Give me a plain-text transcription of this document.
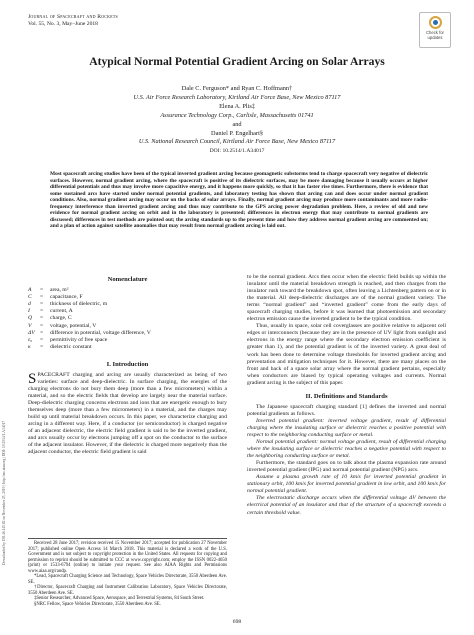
Downloaded by 158.46.145.82 on November 25, 2019 | http://arc.aiaa.org | DOI: 10.2514/1.A34017
Journal of Spacecraft and Rockets
Vol. 55, No. 3, May–June 2018
Check for
updates
Atypical Normal Potential Gradient Arcing on Solar Arrays
Dale C. Ferguson* and Ryan C. Hoffmann†
U.S. Air Force Research Laboratory, Kirtland Air Force Base, New Mexico 87117
Elena A. Plis‡
Assurance Technology Corp., Carlisle, Massachusetts 01741
and
Daniel P. Engelhart§
U.S. National Research Council, Kirtland Air Force Base, New Mexico 87117
DOI: 10.2514/1.A34017
Most spacecraft arcing studies have been of the typical inverted gradient arcing because geomagnetic substorms tend to charge spacecraft very negative of dielectric surfaces. However, normal gradient arcing, where the spacecraft is positive of its dielectric surfaces, may be more damaging because it usually occurs at higher differential potentials and thus may involve more capacitive energy, and it happens more quickly, so that it has faster rise times. Furthermore, there is evidence that some sustained arcs have started under normal potential gradients, and laboratory testing has shown that arcing can and does occur under normal gradient conditions. Also, normal gradient arcing may occur on the backs of solar arrays. Finally, normal gradient arcing may produce more contaminants and more radio-frequency interference than inverted gradient arcing and thus may contribute to the GPS arcing power degradation problem. Here, a review of old and new evidence for normal gradient arcing on orbit and in the laboratory is presented; differences in electron energy that may contribute to normal gradients are discussed; differences in test methods are pointed out; the arcing standards up to the present time and how they address normal gradient arcing are commented on; and a plan of action against satellite anomalies that may result from normal gradient arcing is laid out.
Nomenclature
A	=	area, m²
C	=	capacitance, F
d	=	thickness of dielectric, m
I	=	current, A
Q	=	charge, C
V	=	voltage, potential, V
ΔV =	difference in potential, voltage difference, V
ε₀	=	permittivity of free space
κ	=	dielectric constant
I. Introduction

SPACECRAFT charging and arcing are usually characterized as being of two varieties: surface and deep-dielectric. In surface charging, the energies of the charging electrons do not bury them deep (more than a few micrometers) within a material, and so the electric fields that develop are largely near the material surface. Deep-dielectric charging concerns electrons and ions that are energetic enough to bury themselves deep (more than a few micrometers) in a material, and the charges may build up until material breakdown occurs. In this paper, we characterize charging and arcing in a different way. Here, if a conductor (or semiconductor) is charged negative of an adjacent dielectric, the electric field gradient is said to be the inverted gradient, and arcs usually occur by electrons jumping off a spot on the conductor to the surface of the adjacent insulator. However, if the dielectric is charged more negatively than the adjacent conductor, the electric field gradient is said

to be the normal gradient. Arcs then occur when the electric field builds up within the insulator until the material breakdown strength is reached, and then charges from the insulator rush toward the breakdown spot, often leaving a Lichtenberg pattern on or in the material. All deep-dielectric discharges are of the normal gradient variety. The terms “normal gradient” and “inverted gradient” come from the early days of spacecraft charging studies, before it was learned that photoemission and secondary electron emission cause the inverted gradient to be the typical condition.

Thus, usually in space, solar cell coverglasses are positive relative to adjacent cell edges or interconnects (because they are in the presence of UV light from sunlight and electrons in the energy range where the secondary electron emission coefficient is greater than 1), and the potential gradient is of the inverted variety. A great deal of work has been done to determine voltage thresholds for inverted gradient arcing and preventation and mitigation techniques for it. However, there are many places on the front and back of a space solar array where the normal gradient pertains, especially when conductors are biased by typical operating voltages and currents. Normal gradient arcing is the subject of this paper.

II. Definitions and Standards

The Japanese spacecraft charging standard [1] defines the inverted and normal potential gradients as follows.

Inverted potential gradient: inverted voltage gradient, result of differential charging where the insulating surface or dielectric reaches a positive potential with respect to the neighboring conducting surface or metal.

Normal potential gradient: normal voltage gradient, result of differential charging where the insulating surface or dielectric reaches a negative potential with respect to the neighboring conducting surface or metal.

Furthermore, the standard goes on to talk about the plasma expansion rate around inverted potential gradient (IPG) and normal potential gradient (NPG) arcs.

Assume a plasma growth rate of 10 km/s for inverted potential gradient in stationary orbit, 100 km/s for inverted potential gradient in low orbit, and 100 km/s for normal potential gradient.

The electrostatic discharge occurs when the differential voltage ΔV between the electrical potential of an insulator and that of the structure of a spacecraft exceeds a certain threshold value.

Received 28 June 2017; revision received 15 November 2017; accepted for publication 27 November 2017; published online Open Access 14 March 2018. This material is declared a work of the U.S. Government and is not subject to copyright protection in the United States. All requests for copying and permission to reprint should be submitted to CCC at www.copyright.com; employ the ISSN 0022-4650 (print) or 1533-6794 (online) to initiate your request. See also AIAA Rights and Permissions www.aiaa.org/randp.

*Lead, Spacecraft Charging Science and Technology, Space Vehicles Directorate, 3550 Aberdeen Ave. SE.

†Director, Spacecraft Charging and Instrument Calibration Laboratory, Space Vehicles Directorate, 3550 Aberdeen Ave. SE.

‡Senior Researcher, Advanced Space, Aerospace, and Terrestrial Systems, 84 South Street.

§NRC Fellow, Space Vehicles Directorate, 3550 Aberdeen Ave. SE.

698
